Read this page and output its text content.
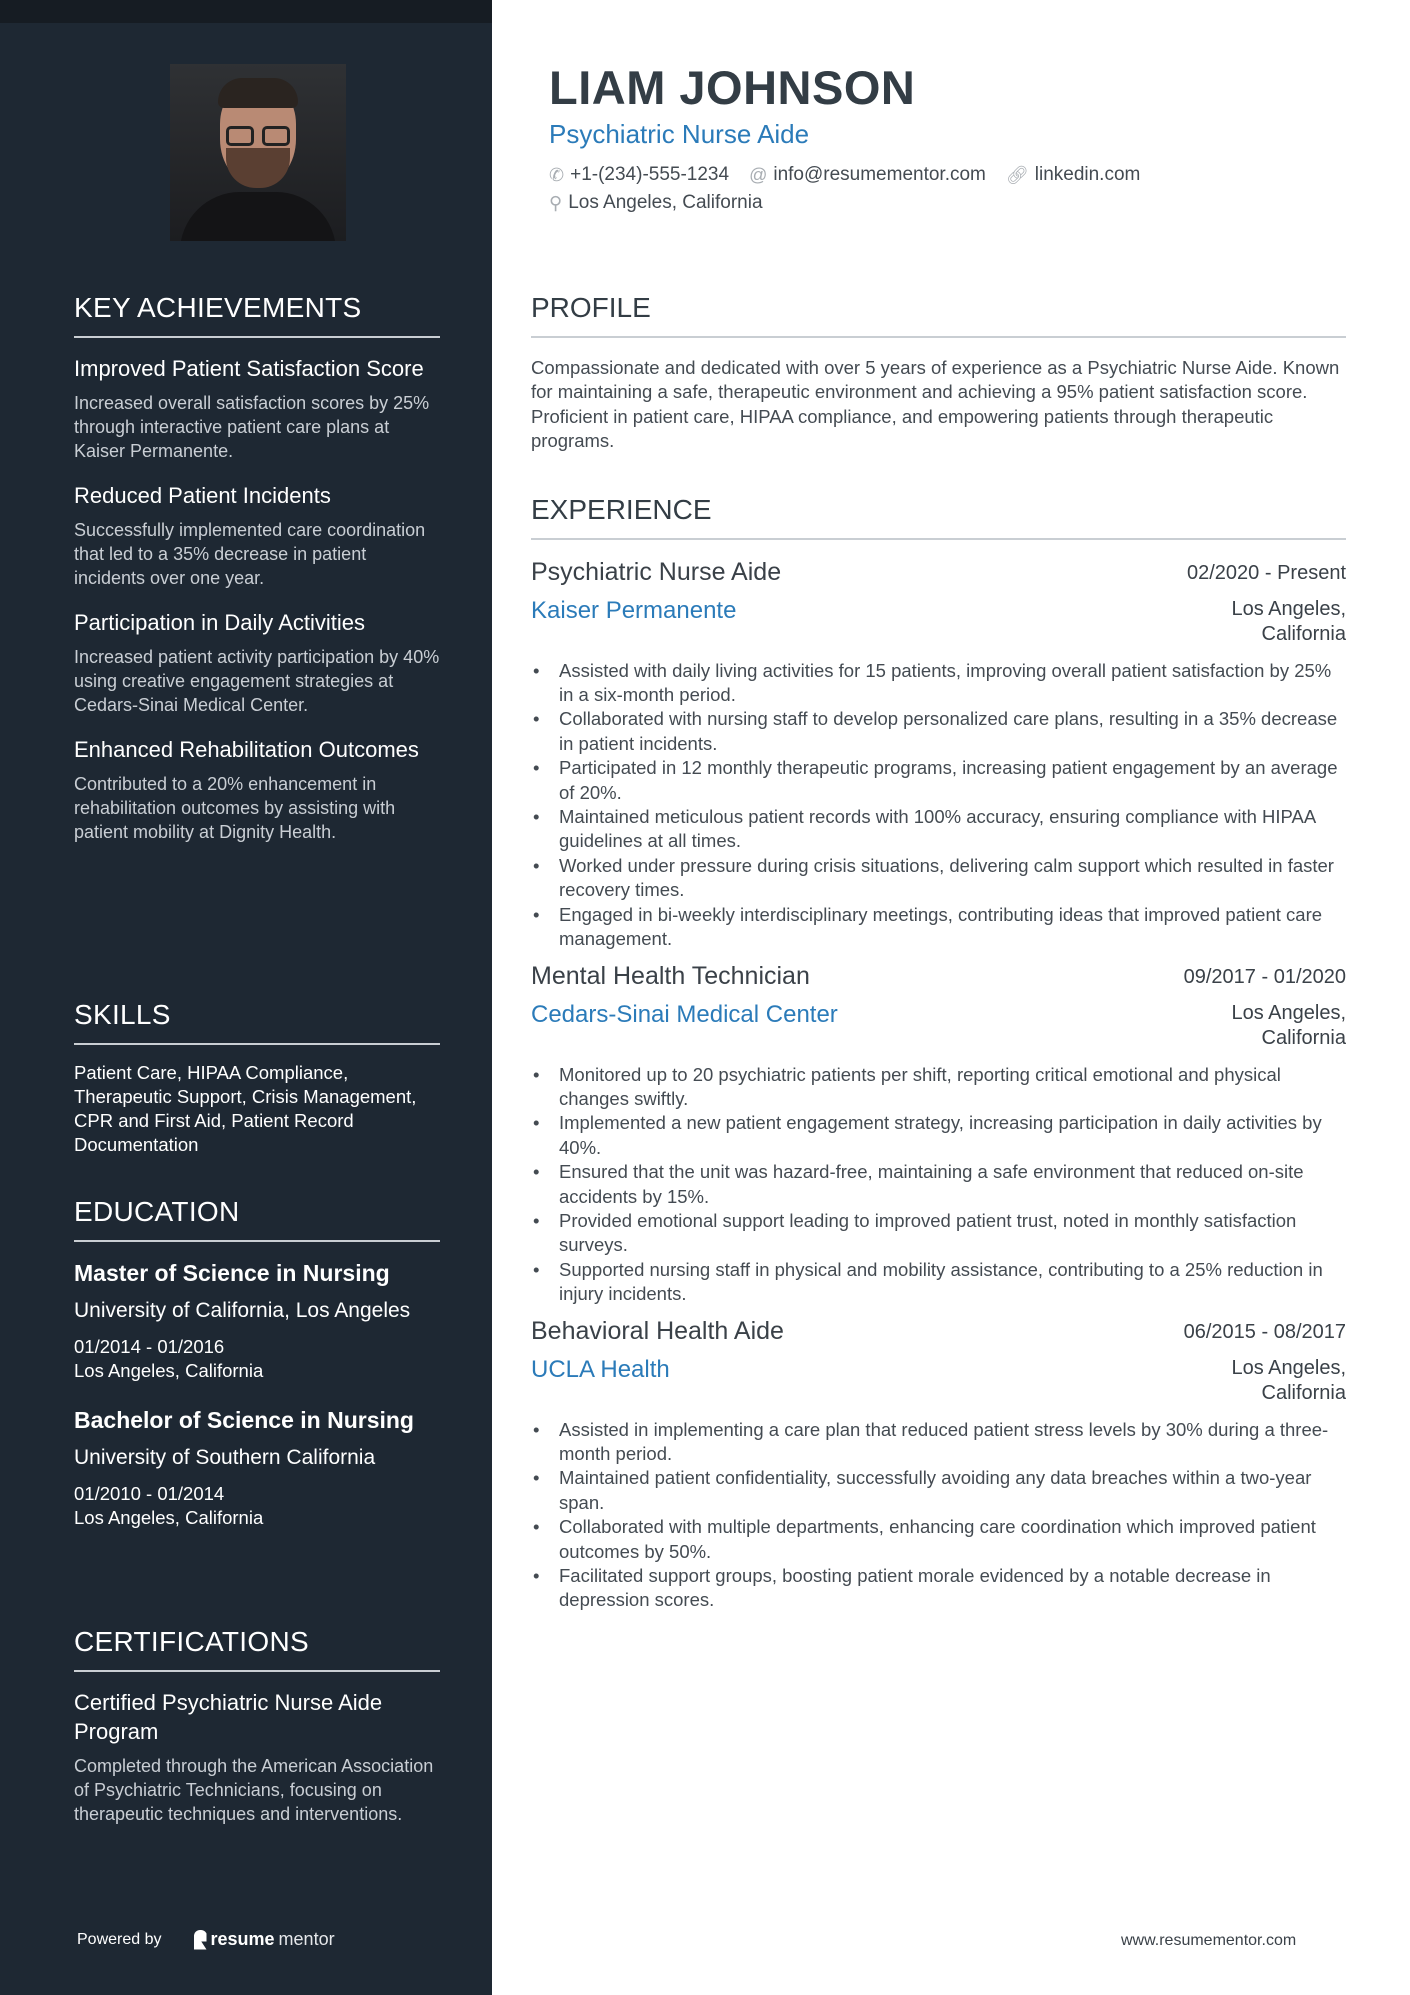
KEY ACHIEVEMENTS
Improved Patient Satisfaction Score
Increased overall satisfaction scores by 25% through interactive patient care plans at Kaiser Permanente.
Reduced Patient Incidents
Successfully implemented care coordination that led to a 35% decrease in patient incidents over one year.
Participation in Daily Activities
Increased patient activity participation by 40% using creative engagement strategies at Cedars-Sinai Medical Center.
Enhanced Rehabilitation Outcomes
Contributed to a 20% enhancement in rehabilitation outcomes by assisting with patient mobility at Dignity Health.
SKILLS
Patient Care, HIPAA Compliance, Therapeutic Support, Crisis Management, CPR and First Aid, Patient Record Documentation
EDUCATION
Master of Science in Nursing
University of California, Los Angeles
01/2014 - 01/2016
Los Angeles, California
Bachelor of Science in Nursing
University of Southern California
01/2010 - 01/2014
Los Angeles, California
CERTIFICATIONS
Certified Psychiatric Nurse Aide Program
Completed through the American Association of Psychiatric Technicians, focusing on therapeutic techniques and interventions.
Powered by	resume mentor
LIAM JOHNSON
Psychiatric Nurse Aide
✆ +1-(234)-555-1234 @ info@resumementor.com 🔗︎ linkedin.com
⚲ Los Angeles, California
PROFILE
Compassionate and dedicated with over 5 years of experience as a Psychiatric Nurse Aide. Known for maintaining a safe, therapeutic environment and achieving a 95% patient satisfaction score. Proficient in patient care, HIPAA compliance, and empowering patients through therapeutic programs.
EXPERIENCE
Psychiatric Nurse Aide	02/2020 - Present
Kaiser Permanente	Los Angeles, California
• Assisted with daily living activities for 15 patients, improving overall patient satisfaction by 25% in a six-month period.
• Collaborated with nursing staff to develop personalized care plans, resulting in a 35% decrease in patient incidents.
• Participated in 12 monthly therapeutic programs, increasing patient engagement by an average of 20%.
• Maintained meticulous patient records with 100% accuracy, ensuring compliance with HIPAA guidelines at all times.
• Worked under pressure during crisis situations, delivering calm support which resulted in faster recovery times.
• Engaged in bi-weekly interdisciplinary meetings, contributing ideas that improved patient care management.
Mental Health Technician	09/2017 - 01/2020
Cedars-Sinai Medical Center	Los Angeles, California
• Monitored up to 20 psychiatric patients per shift, reporting critical emotional and physical changes swiftly.
• Implemented a new patient engagement strategy, increasing participation in daily activities by 40%.
• Ensured that the unit was hazard-free, maintaining a safe environment that reduced on-site accidents by 15%.
• Provided emotional support leading to improved patient trust, noted in monthly satisfaction surveys.
• Supported nursing staff in physical and mobility assistance, contributing to a 25% reduction in injury incidents.
Behavioral Health Aide	06/2015 - 08/2017
UCLA Health	Los Angeles, California
• Assisted in implementing a care plan that reduced patient stress levels by 30% during a three-month period.
• Maintained patient confidentiality, successfully avoiding any data breaches within a two-year span.
• Collaborated with multiple departments, enhancing care coordination which improved patient outcomes by 50%.
• Facilitated support groups, boosting patient morale evidenced by a notable decrease in depression scores.
www.resumementor.com
